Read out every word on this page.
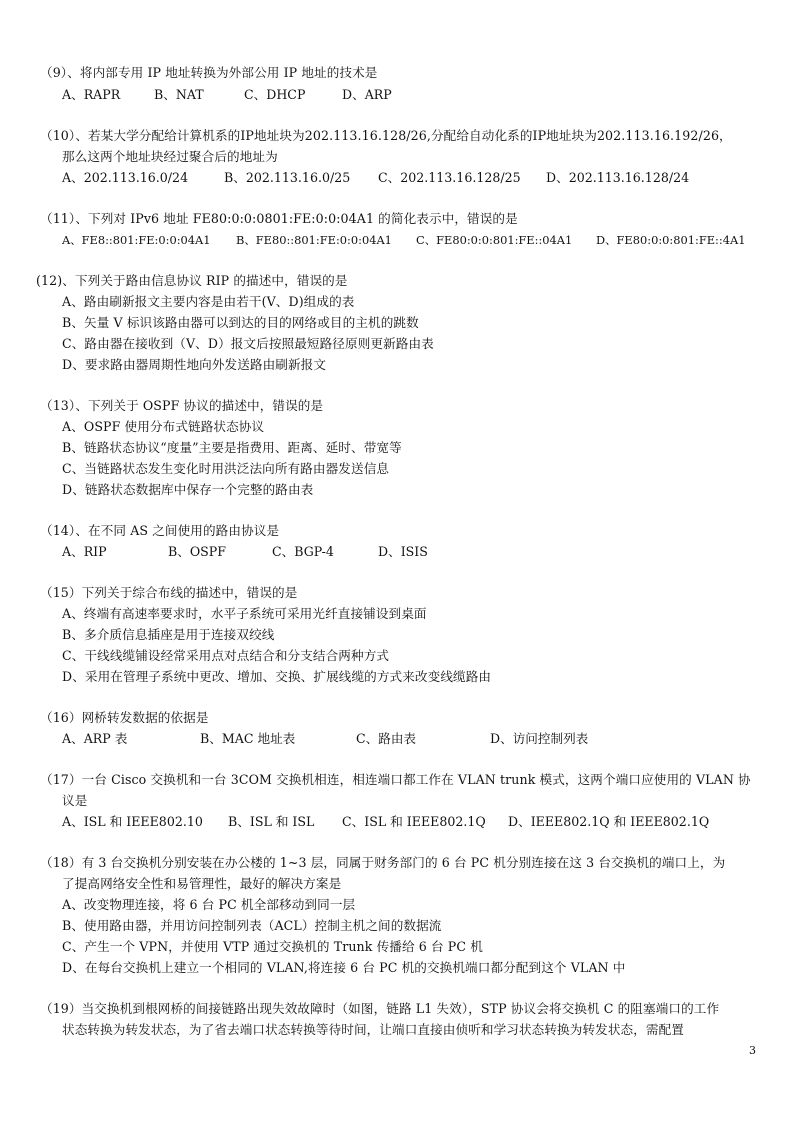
（9）、将内部专用 IP 地址转换为外部公用 IP 地址的技术是
A、RAPR	B、NAT	C、DHCP	D、ARP
（10）、若某大学分配给计算机系的IP地址块为202.113.16.128/26,分配给自动化系的IP地址块为202.113.16.192/26，
那么这两个地址块经过聚合后的地址为
A、202.113.16.0/24	B、202.113.16.0/25 C、202.113.16.128/25 D、202.113.16.128/24
（11）、下列对 IPv6 地址 FE80:0:0:0801:FE:0:0:04A1 的简化表示中，错误的是
A、FE8::801:FE:0:0:04A1 B、FE80::801:FE:0:0:04A1 C、FE80:0:0:801:FE::04A1 D、FE80:0:0:801:FE::4A1
(12)、下列关于路由信息协议 RIP 的描述中，错误的是
A、路由刷新报文主要内容是由若干(V、D)组成的表
B、矢量 V 标识该路由器可以到达的目的网络或目的主机的跳数
C、路由器在接收到（V、D）报文后按照最短路径原则更新路由表
D、要求路由器周期性地向外发送路由刷新报文
（13）、下列关于 OSPF 协议的描述中，错误的是
A、OSPF 使用分布式链路状态协议
B、链路状态协议“度量”主要是指费用、距离、延时、带宽等
C、当链路状态发生变化时用洪泛法向所有路由器发送信息
D、链路状态数据库中保存一个完整的路由表
（14）、在不同 AS 之间使用的路由协议是
A、RIP	B、OSPF	C、BGP-4	D、ISIS
（15）下列关于综合布线的描述中，错误的是
A、终端有高速率要求时，水平子系统可采用光纤直接铺设到桌面
B、多介质信息插座是用于连接双绞线
C、干线线缆铺设经常采用点对点结合和分支结合两种方式
D、采用在管理子系统中更改、增加、交换、扩展线缆的方式来改变线缆路由
（16）网桥转发数据的依据是
A、ARP 表	B、MAC 地址表	C、路由表	D、访问控制列表
（17）一台 Cisco 交换机和一台 3COM 交换机相连，相连端口都工作在 VLAN trunk 模式，这两个端口应使用的 VLAN 协
议是
A、ISL 和 IEEE802.10 B、ISL 和 ISL C、ISL 和 IEEE802.1Q D、IEEE802.1Q 和 IEEE802.1Q
（18）有 3 台交换机分别安装在办公楼的 1~3 层，同属于财务部门的 6 台 PC 机分别连接在这 3 台交换机的端口上，为
了提高网络安全性和易管理性，最好的解决方案是
A、改变物理连接，将 6 台 PC 机全部移动到同一层
B、使用路由器，并用访问控制列表（ACL）控制主机之间的数据流
C、产生一个 VPN，并使用 VTP 通过交换机的 Trunk 传播给 6 台 PC 机
D、在每台交换机上建立一个相同的 VLAN,将连接 6 台 PC 机的交换机端口都分配到这个 VLAN 中
（19）当交换机到根网桥的间接链路出现失效故障时（如图，链路 L1 失效），STP 协议会将交换机 C 的阻塞端口的工作
状态转换为转发状态，为了省去端口状态转换等待时间，让端口直接由侦听和学习状态转换为转发状态，需配置
3
